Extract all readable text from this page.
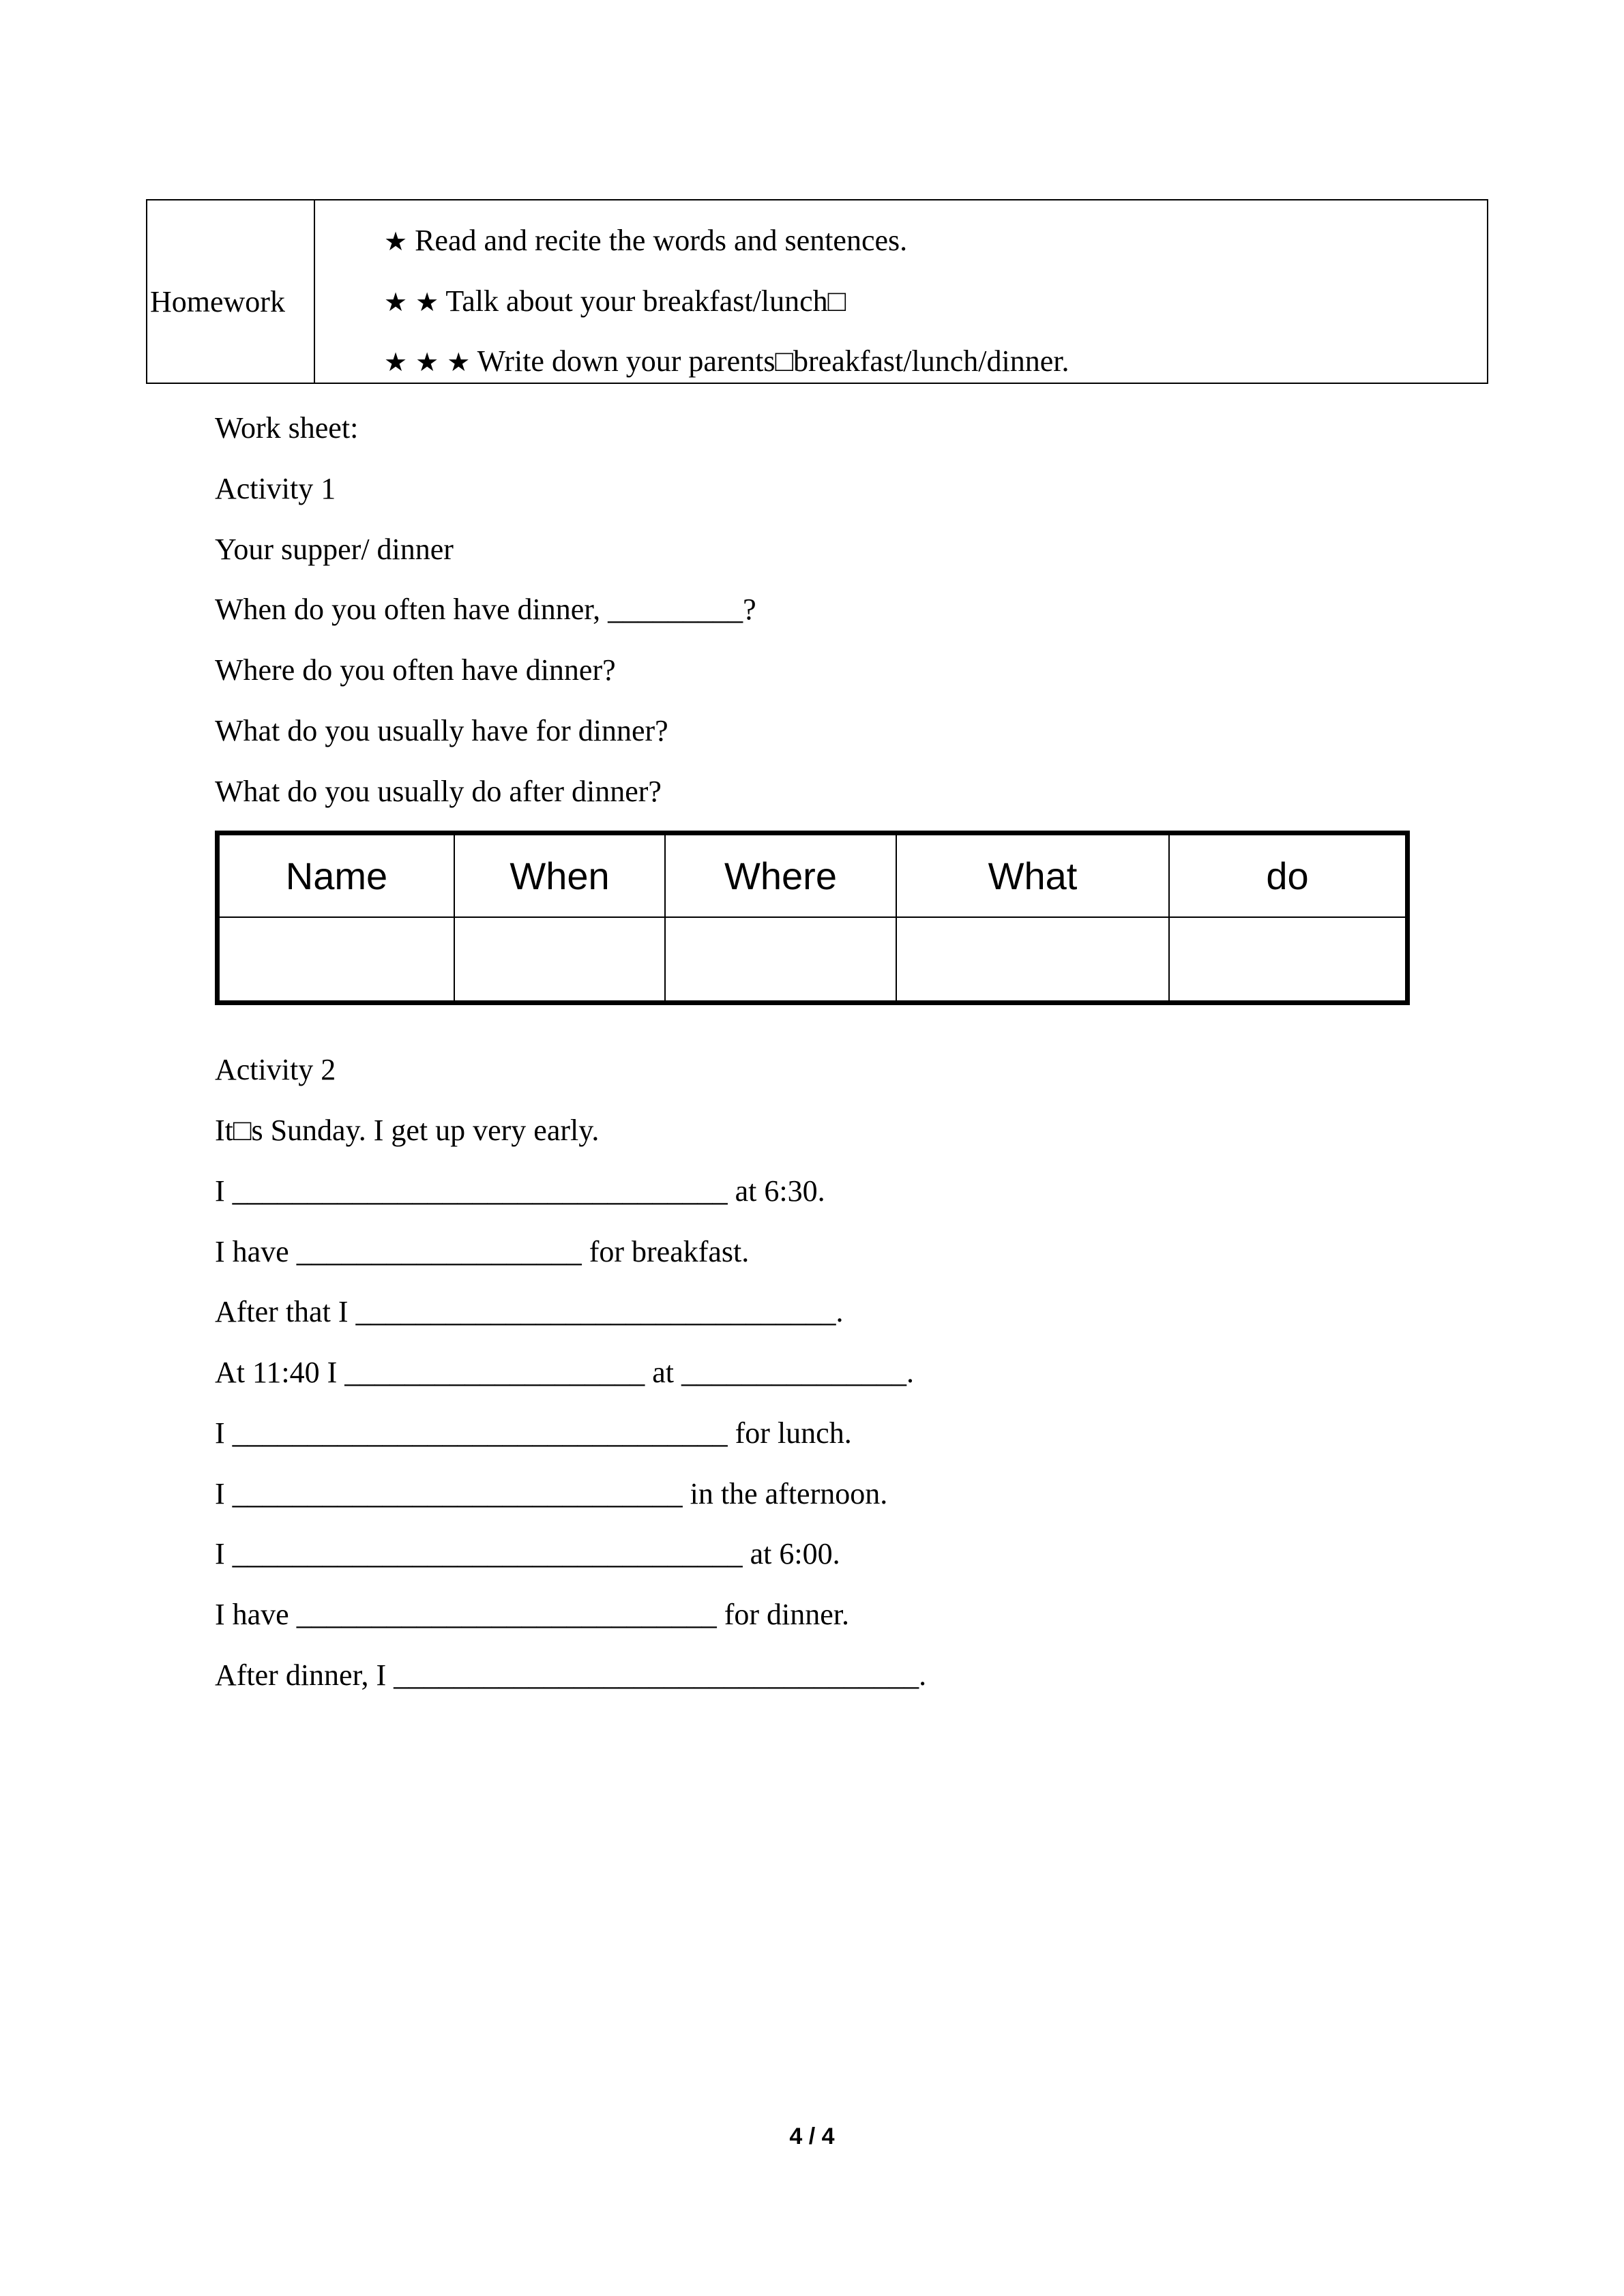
Homework
★ Read and recite the words and sentences.
★ ★ Talk about your breakfast/lunch□
★ ★ ★ Write down your parents□breakfast/lunch/dinner.
Work sheet:
Activity 1
Your supper/ dinner
When do you often have dinner, _________?
Where do you often have dinner?
What do you usually have for dinner?
What do you usually do after dinner?
Name	When	Where	What	do
Activity 2
It□s Sunday. I get up very early.
I _________________________________ at 6:30.
I have ___________________ for breakfast.
After that I ________________________________.
At 11:40 I ____________________ at _______________.
I _________________________________ for lunch.
I ______________________________ in the afternoon.
I __________________________________ at 6:00.
I have ____________________________ for dinner.
After dinner, I ___________________________________.
4 / 4
